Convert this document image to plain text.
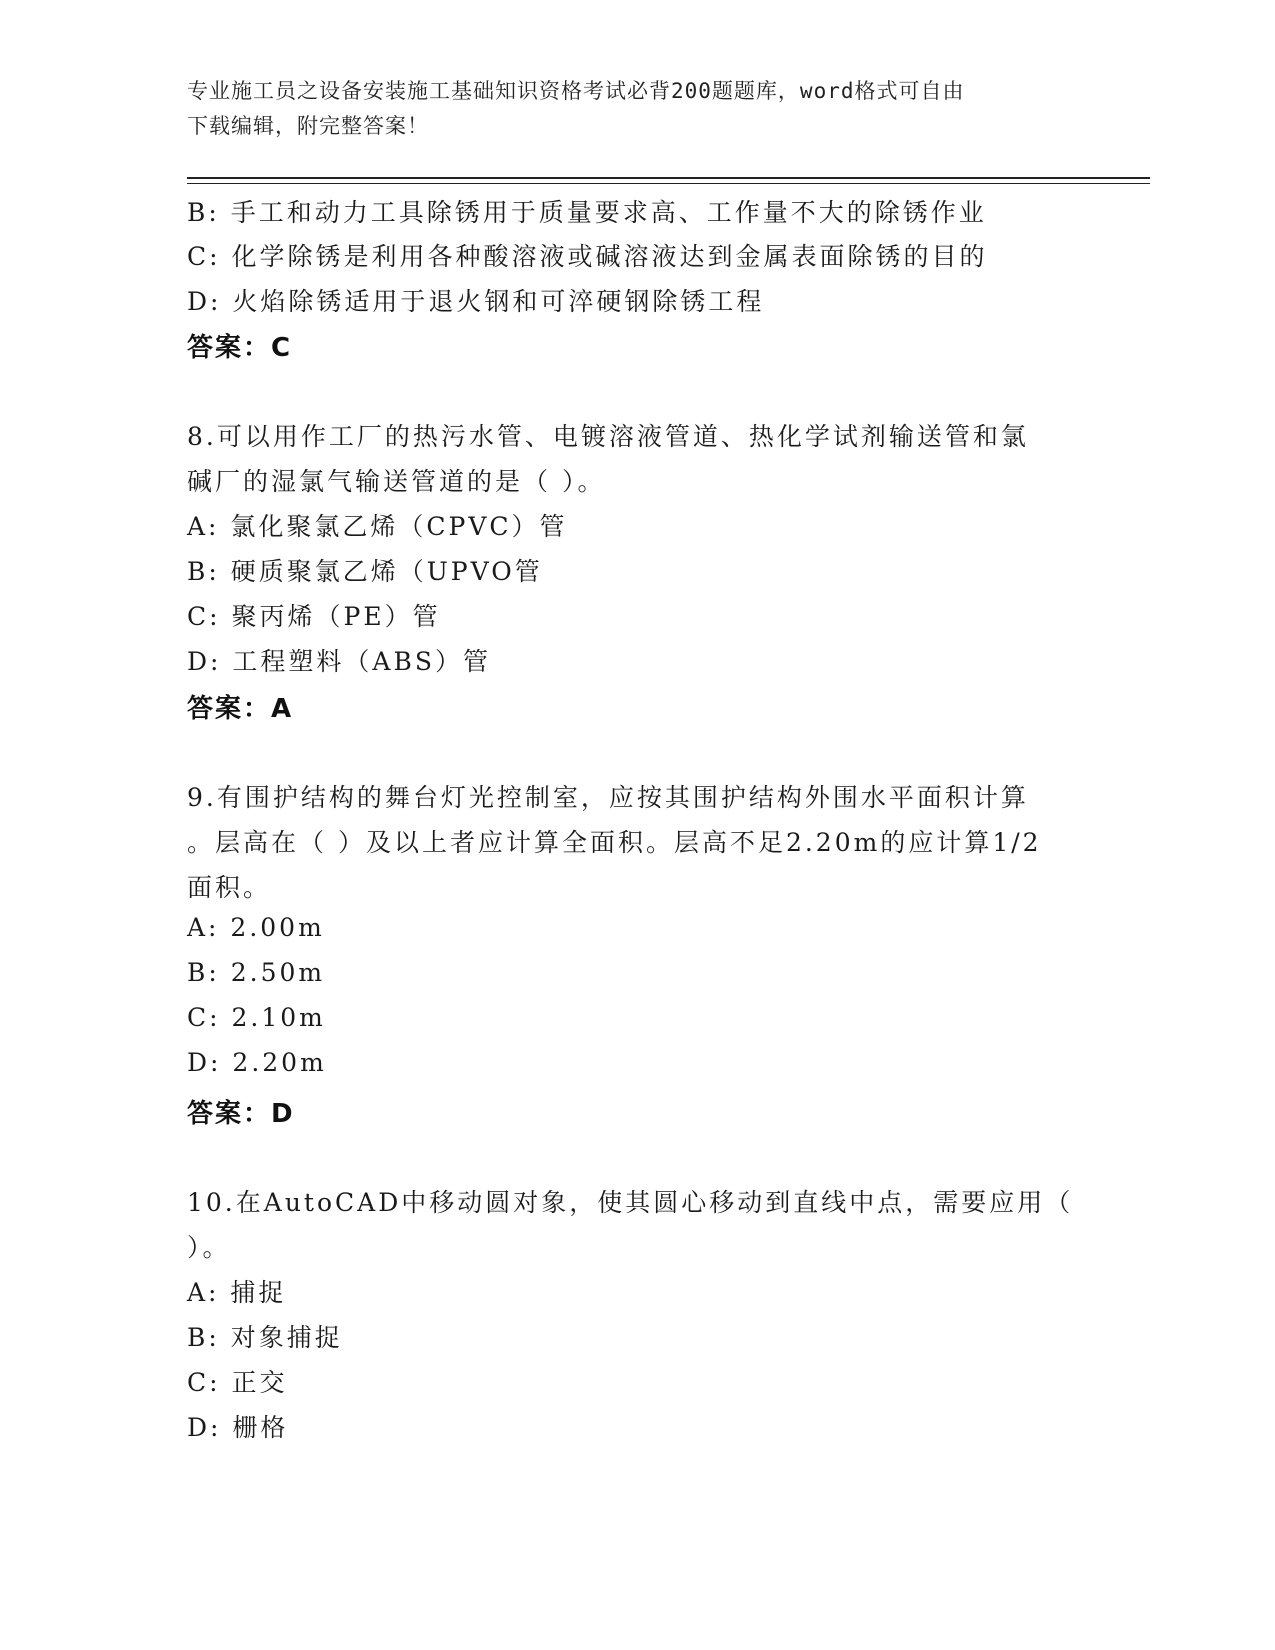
专业施工员之设备安装施工基础知识资格考试必背200题题库，word格式可自由
下载编辑，附完整答案！
B: 手工和动力工具除锈用于质量要求高、工作量不大的除锈作业
C: 化学除锈是利用各种酸溶液或碱溶液达到金属表面除锈的目的
D: 火焰除锈适用于退火钢和可淬硬钢除锈工程
答案：C
8.可以用作工厂的热污水管、电镀溶液管道、热化学试剂输送管和氯
碱厂的湿氯气输送管道的是（ ）。
A: 氯化聚氯乙烯（CPVC）管
B: 硬质聚氯乙烯（UPVO管
C: 聚丙烯（PE）管
D: 工程塑料（ABS）管
答案：A
9.有围护结构的舞台灯光控制室，应按其围护结构外围水平面积计算
。层高在（ ）及以上者应计算全面积。层高不足2.20m的应计算1/2
面积。
A: 2.00m
B: 2.50m
C: 2.10m
D: 2.20m
答案：D
10.在AutoCAD中移动圆对象，使其圆心移动到直线中点，需要应用（
）。
A: 捕捉
B: 对象捕捉
C: 正交
D: 栅格
